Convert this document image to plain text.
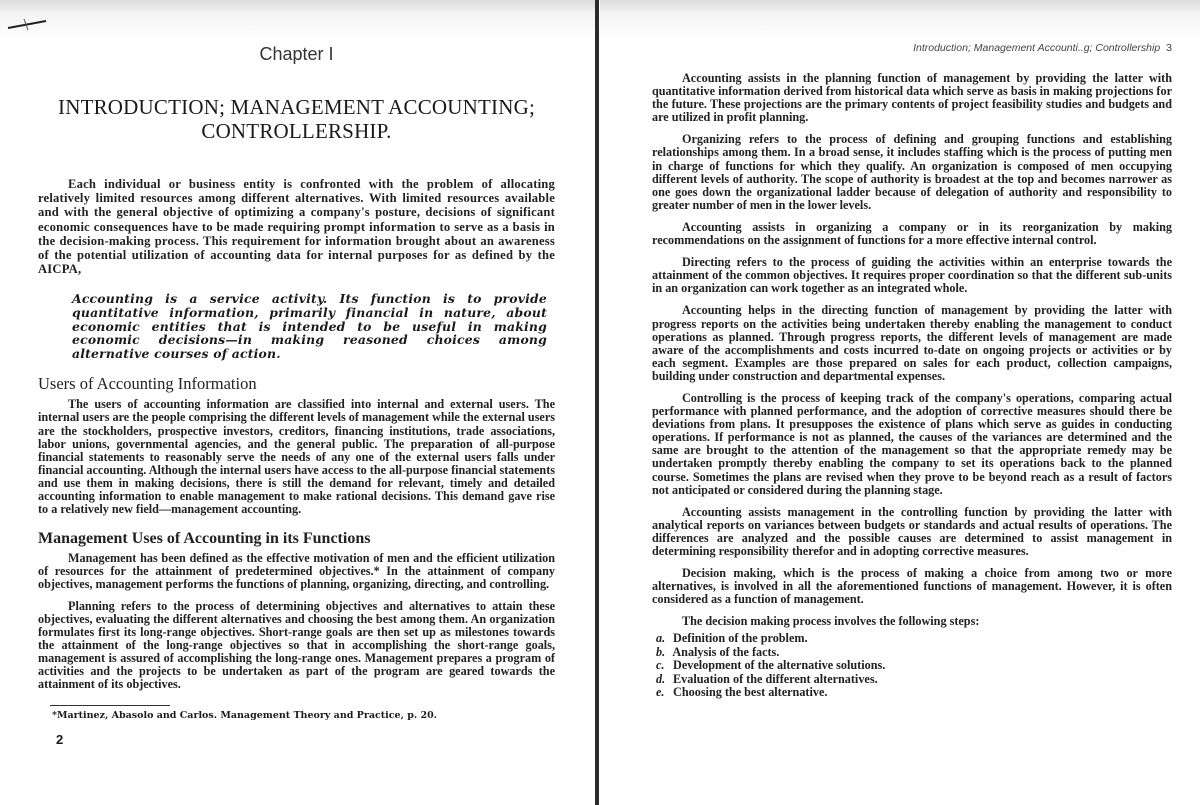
Chapter I
INTRODUCTION; MANAGEMENT ACCOUNTING; CONTROLLERSHIP.

Each individual or business entity is confronted with the problem of allocating relatively limited resources among different alternatives. With limited resources available and with the general objective of optimizing a company's posture, decisions of significant economic consequences have to be made requiring prompt information to serve as a basis in the decision-making process. This requirement for information brought about an awareness of the potential utilization of accounting data for internal purposes for as defined by the AICPA,

Accounting is a service activity. Its function is to provide quantitative information, primarily financial in nature, about economic entities that is intended to be useful in making economic decisions—in making reasoned choices among alternative courses of action.

Users of Accounting Information

The users of accounting information are classified into internal and external users. The internal users are the people comprising the different levels of management while the external users are the stockholders, prospective investors, creditors, financing institutions, trade associations, labor unions, governmental agencies, and the general public. The preparation of all-purpose financial statements to reasonably serve the needs of any one of the external users falls under financial accounting. Although the internal users have access to the all-purpose financial statements and use them in making decisions, there is still the demand for relevant, timely and detailed accounting information to enable management to make rational decisions. This demand gave rise to a relatively new field—management accounting.

Management Uses of Accounting in its Functions

Management has been defined as the effective motivation of men and the efficient utilization of resources for the attainment of predetermined objectives.* In the attainment of company objectives, management performs the functions of planning, organizing, directing, and controlling.

Planning refers to the process of determining objectives and alternatives to attain these objectives, evaluating the different alternatives and choosing the best among them. An organization formulates first its long-range objectives. Short-range goals are then set up as milestones towards the attainment of the long-range objectives so that in accomplishing the short-range goals, management is assured of accomplishing the long-range ones. Management prepares a program of activities and the projects to be undertaken as part of the program are geared towards the attainment of its objectives.

*Martinez, Abasolo and Carlos. Management Theory and Practice, p. 20.
2
Introduction; Management Accounti..g; Controllership 3

Accounting assists in the planning function of management by providing the latter with quantitative information derived from historical data which serve as basis in making projections for the future. These projections are the primary contents of project feasibility studies and budgets and are utilized in profit planning.

Organizing refers to the process of defining and grouping functions and establishing relationships among them. In a broad sense, it includes staffing which is the process of putting men in charge of functions for which they qualify. An organization is composed of men occupying different levels of authority. The scope of authority is broadest at the top and becomes narrower as one goes down the organizational ladder because of delegation of authority and responsibility to greater number of men in the lower levels.

Accounting assists in organizing a company or in its reorganization by making recommendations on the assignment of functions for a more effective internal control.

Directing refers to the process of guiding the activities within an enterprise towards the attainment of the common objectives. It requires proper coordination so that the different sub-units in an organization can work together as an integrated whole.

Accounting helps in the directing function of management by providing the latter with progress reports on the activities being undertaken thereby enabling the management to conduct operations as planned. Through progress reports, the different levels of management are made aware of the accomplishments and costs incurred to-date on ongoing projects or activities or by each segment. Examples are those prepared on sales for each product, collection campaigns, building under construction and departmental expenses.

Controlling is the process of keeping track of the company's operations, comparing actual performance with planned performance, and the adoption of corrective measures should there be deviations from plans. It presupposes the existence of plans which serve as guides in conducting operations. If performance is not as planned, the causes of the variances are determined and the same are brought to the attention of the management so that the appropriate remedy may be undertaken promptly thereby enabling the company to set its operations back to the planned course. Sometimes the plans are revised when they prove to be beyond reach as a result of factors not anticipated or considered during the planning stage.

Accounting assists management in the controlling function by providing the latter with analytical reports on variances between budgets or standards and actual results of operations. The differences are analyzed and the possible causes are determined to assist management in determining responsibility therefor and in adopting corrective measures.

Decision making, which is the process of making a choice from among two or more alternatives, is involved in all the aforementioned functions of management. However, it is often considered as a function of management.

The decision making process involves the following steps:

a. Definition of the problem.
b. Analysis of the facts.
c. Development of the alternative solutions.
d. Evaluation of the different alternatives.
e. Choosing the best alternative.
